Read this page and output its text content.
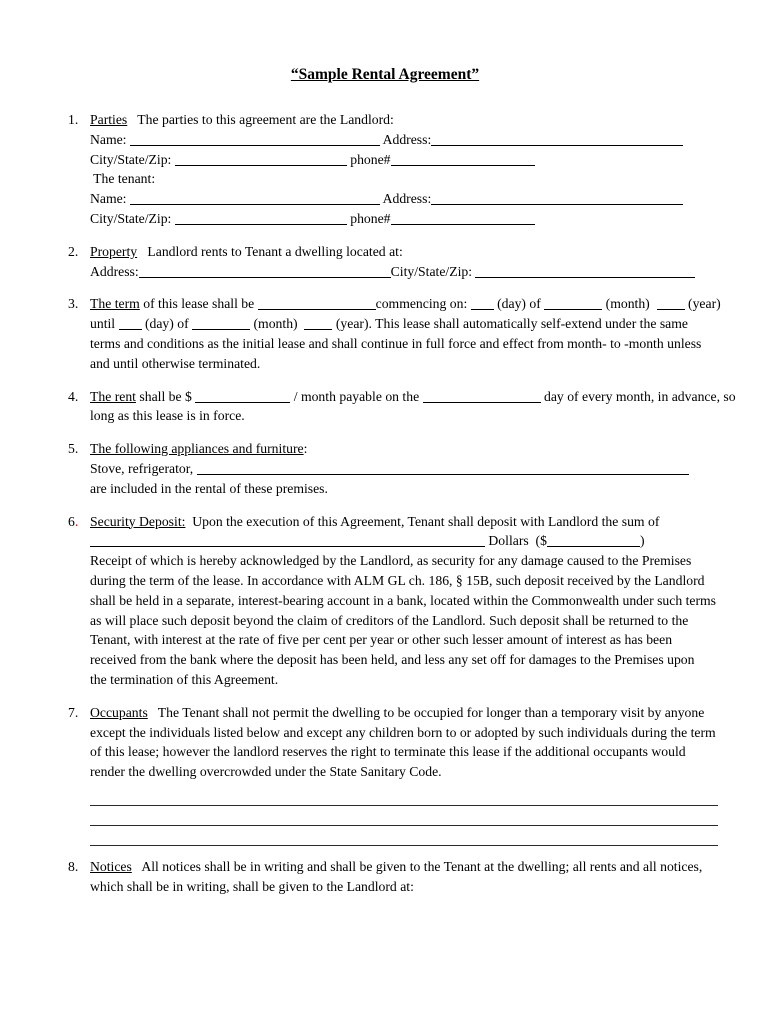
“Sample Rental Agreement”
1. Parties   The parties to this agreement are the Landlord:
Name:	Address:
City/State/Zip:	phone#
The tenant:
Name:	Address:
City/State/Zip:	phone#
2. Property   Landlord rents to Tenant a dwelling located at:
Address:	City/State/Zip:
3. The term of this lease shall be	commencing on:  (day) of	(month)   (year)
until  (day) of	(month)   (year). This lease shall automatically self-extend under the same
terms and conditions as the initial lease and shall continue in full force and effect from month- to -month unless
and until otherwise terminated.
4. The rent shall be $	/ month payable on the	day of every month, in advance, so
long as this lease is in force.
5. The following appliances and furniture:
Stove, refrigerator,
are included in the rental of these premises.
6. Security Deposit:  Upon the execution of this Agreement, Tenant shall deposit with Landlord the sum of
Dollars  ($	)
Receipt of which is hereby acknowledged by the Landlord, as security for any damage caused to the Premises
during the term of the lease. In accordance with ALM GL ch. 186, § 15B, such deposit received by the Landlord
shall be held in a separate, interest-bearing account in a bank, located within the Commonwealth under such terms
as will place such deposit beyond the claim of creditors of the Landlord. Such deposit shall be returned to the
Tenant, with interest at the rate of five per cent per year or other such lesser amount of interest as has been
received from the bank where the deposit has been held, and less any set off for damages to the Premises upon
the termination of this Agreement.
7. Occupants   The Tenant shall not permit the dwelling to be occupied for longer than a temporary visit by anyone
except the individuals listed below and except any children born to or adopted by such individuals during the term
of this lease; however the landlord reserves the right to terminate this lease if the additional occupants would
render the dwelling overcrowded under the State Sanitary Code.
8. Notices   All notices shall be in writing and shall be given to the Tenant at the dwelling; all rents and all notices,
which shall be in writing, shall be given to the Landlord at:
